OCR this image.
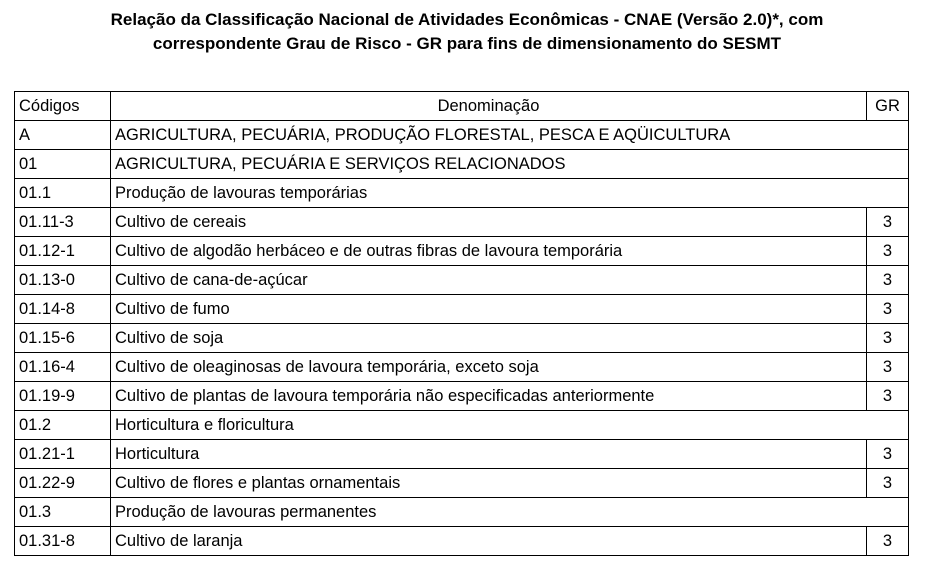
Relação da Classificação Nacional de Atividades Econômicas - CNAE (Versão 2.0)*, com
correspondente Grau de Risco - GR para fins de dimensionamento do SESMT
Códigos	Denominação	GR
A	AGRICULTURA, PECUÁRIA, PRODUÇÃO FLORESTAL, PESCA E AQÜICULTURA	
01	AGRICULTURA, PECUÁRIA E SERVIÇOS RELACIONADOS	
01.1	Produção de lavouras temporárias	
01.11-3	Cultivo de cereais	3
01.12-1	Cultivo de algodão herbáceo e de outras fibras de lavoura temporária	3
01.13-0	Cultivo de cana-de-açúcar	3
01.14-8	Cultivo de fumo	3
01.15-6	Cultivo de soja	3
01.16-4	Cultivo de oleaginosas de lavoura temporária, exceto soja	3
01.19-9	Cultivo de plantas de lavoura temporária não especificadas anteriormente	3
01.2	Horticultura e floricultura	
01.21-1	Horticultura	3
01.22-9	Cultivo de flores e plantas ornamentais	3
01.3	Produção de lavouras permanentes	
01.31-8	Cultivo de laranja	3
